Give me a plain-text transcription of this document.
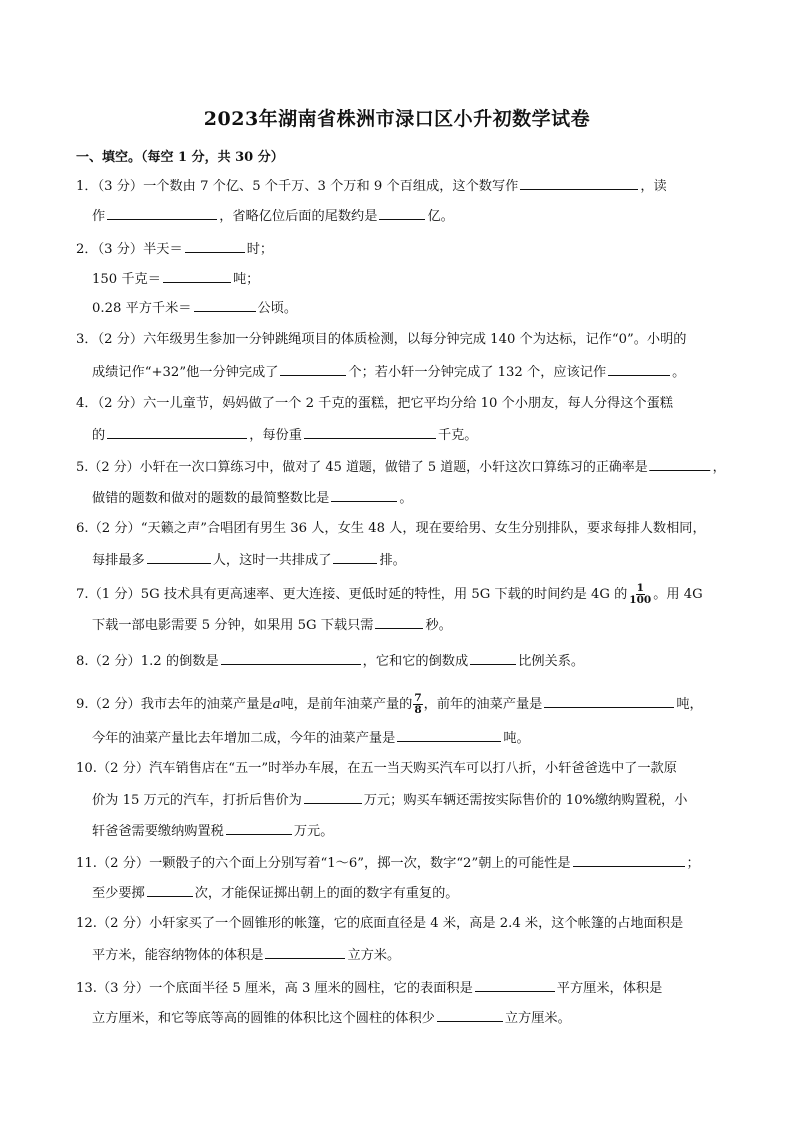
2023年湖南省株洲市渌口区小升初数学试卷
一、填空。（每空 1 分，共 30 分）
1．（3 分）一个数由 7 个亿、5 个千万、3 个万和 9 个百组成，这个数写作	，读
作	，省略亿位后面的尾数约是	亿。
2．（3 分）半天＝	时；
150 千克＝	吨；
0.28 平方千米＝	公顷。
3．（2 分）六年级男生参加一分钟跳绳项目的体质检测，以每分钟完成 140 个为达标，记作“0”。小明的
成绩记作“+32”他一分钟完成了	个；若小轩一分钟完成了 132 个，应该记作	。
4．（2 分）六一儿童节，妈妈做了一个 2 千克的蛋糕，把它平均分给 10 个小朋友，每人分得这个蛋糕
的	，每份重	千克。
5.（2 分）小轩在一次口算练习中，做对了 45 道题，做错了 5 道题，小轩这次口算练习的正确率是	，
做错的题数和做对的题数的最简整数比是	。
6.（2 分）“天籁之声”合唱团有男生 36 人，女生 48 人，现在要给男、女生分别排队，要求每排人数相同，
每排最多	人，这时一共排成了	排。
7.（1 分）5G 技术具有更高速率、更大连接、更低时延的特性，用 5G 下载的时间约是 4G 的 $\frac{1}{100}$ 。用 4G
下载一部电影需要 5 分钟，如果用 5G 下载只需	秒。
8.（2 分）1.2 的倒数是	，它和它的倒数成	比例关系。
9.（2 分）我市去年的油菜产量是a吨，是前年油菜产量的 $\frac{7}{8}$ ，前年的油菜产量是	吨，
今年的油菜产量比去年增加二成，今年的油菜产量是	吨。
10.（2 分）汽车销售店在“五一”时举办车展，在五一当天购买汽车可以打八折，小轩爸爸选中了一款原
价为 15 万元的汽车，打折后售价为	万元；购买车辆还需按实际售价的 10%缴纳购置税，小
轩爸爸需要缴纳购置税	万元。
11.（2 分）一颗骰子的六个面上分别写着“1～6”，掷一次，数字“2”朝上的可能性是	；
至少要掷	次，才能保证掷出朝上的面的数字有重复的。
12.（2 分）小轩家买了一个圆锥形的帐篷，它的底面直径是 4 米，高是 2.4 米，这个帐篷的占地面积是
平方米，能容纳物体的体积是	立方米。
13.（3 分）一个底面半径 5 厘米，高 3 厘米的圆柱，它的表面积是	平方厘米，体积是
立方厘米，和它等底等高的圆锥的体积比这个圆柱的体积少	立方厘米。
